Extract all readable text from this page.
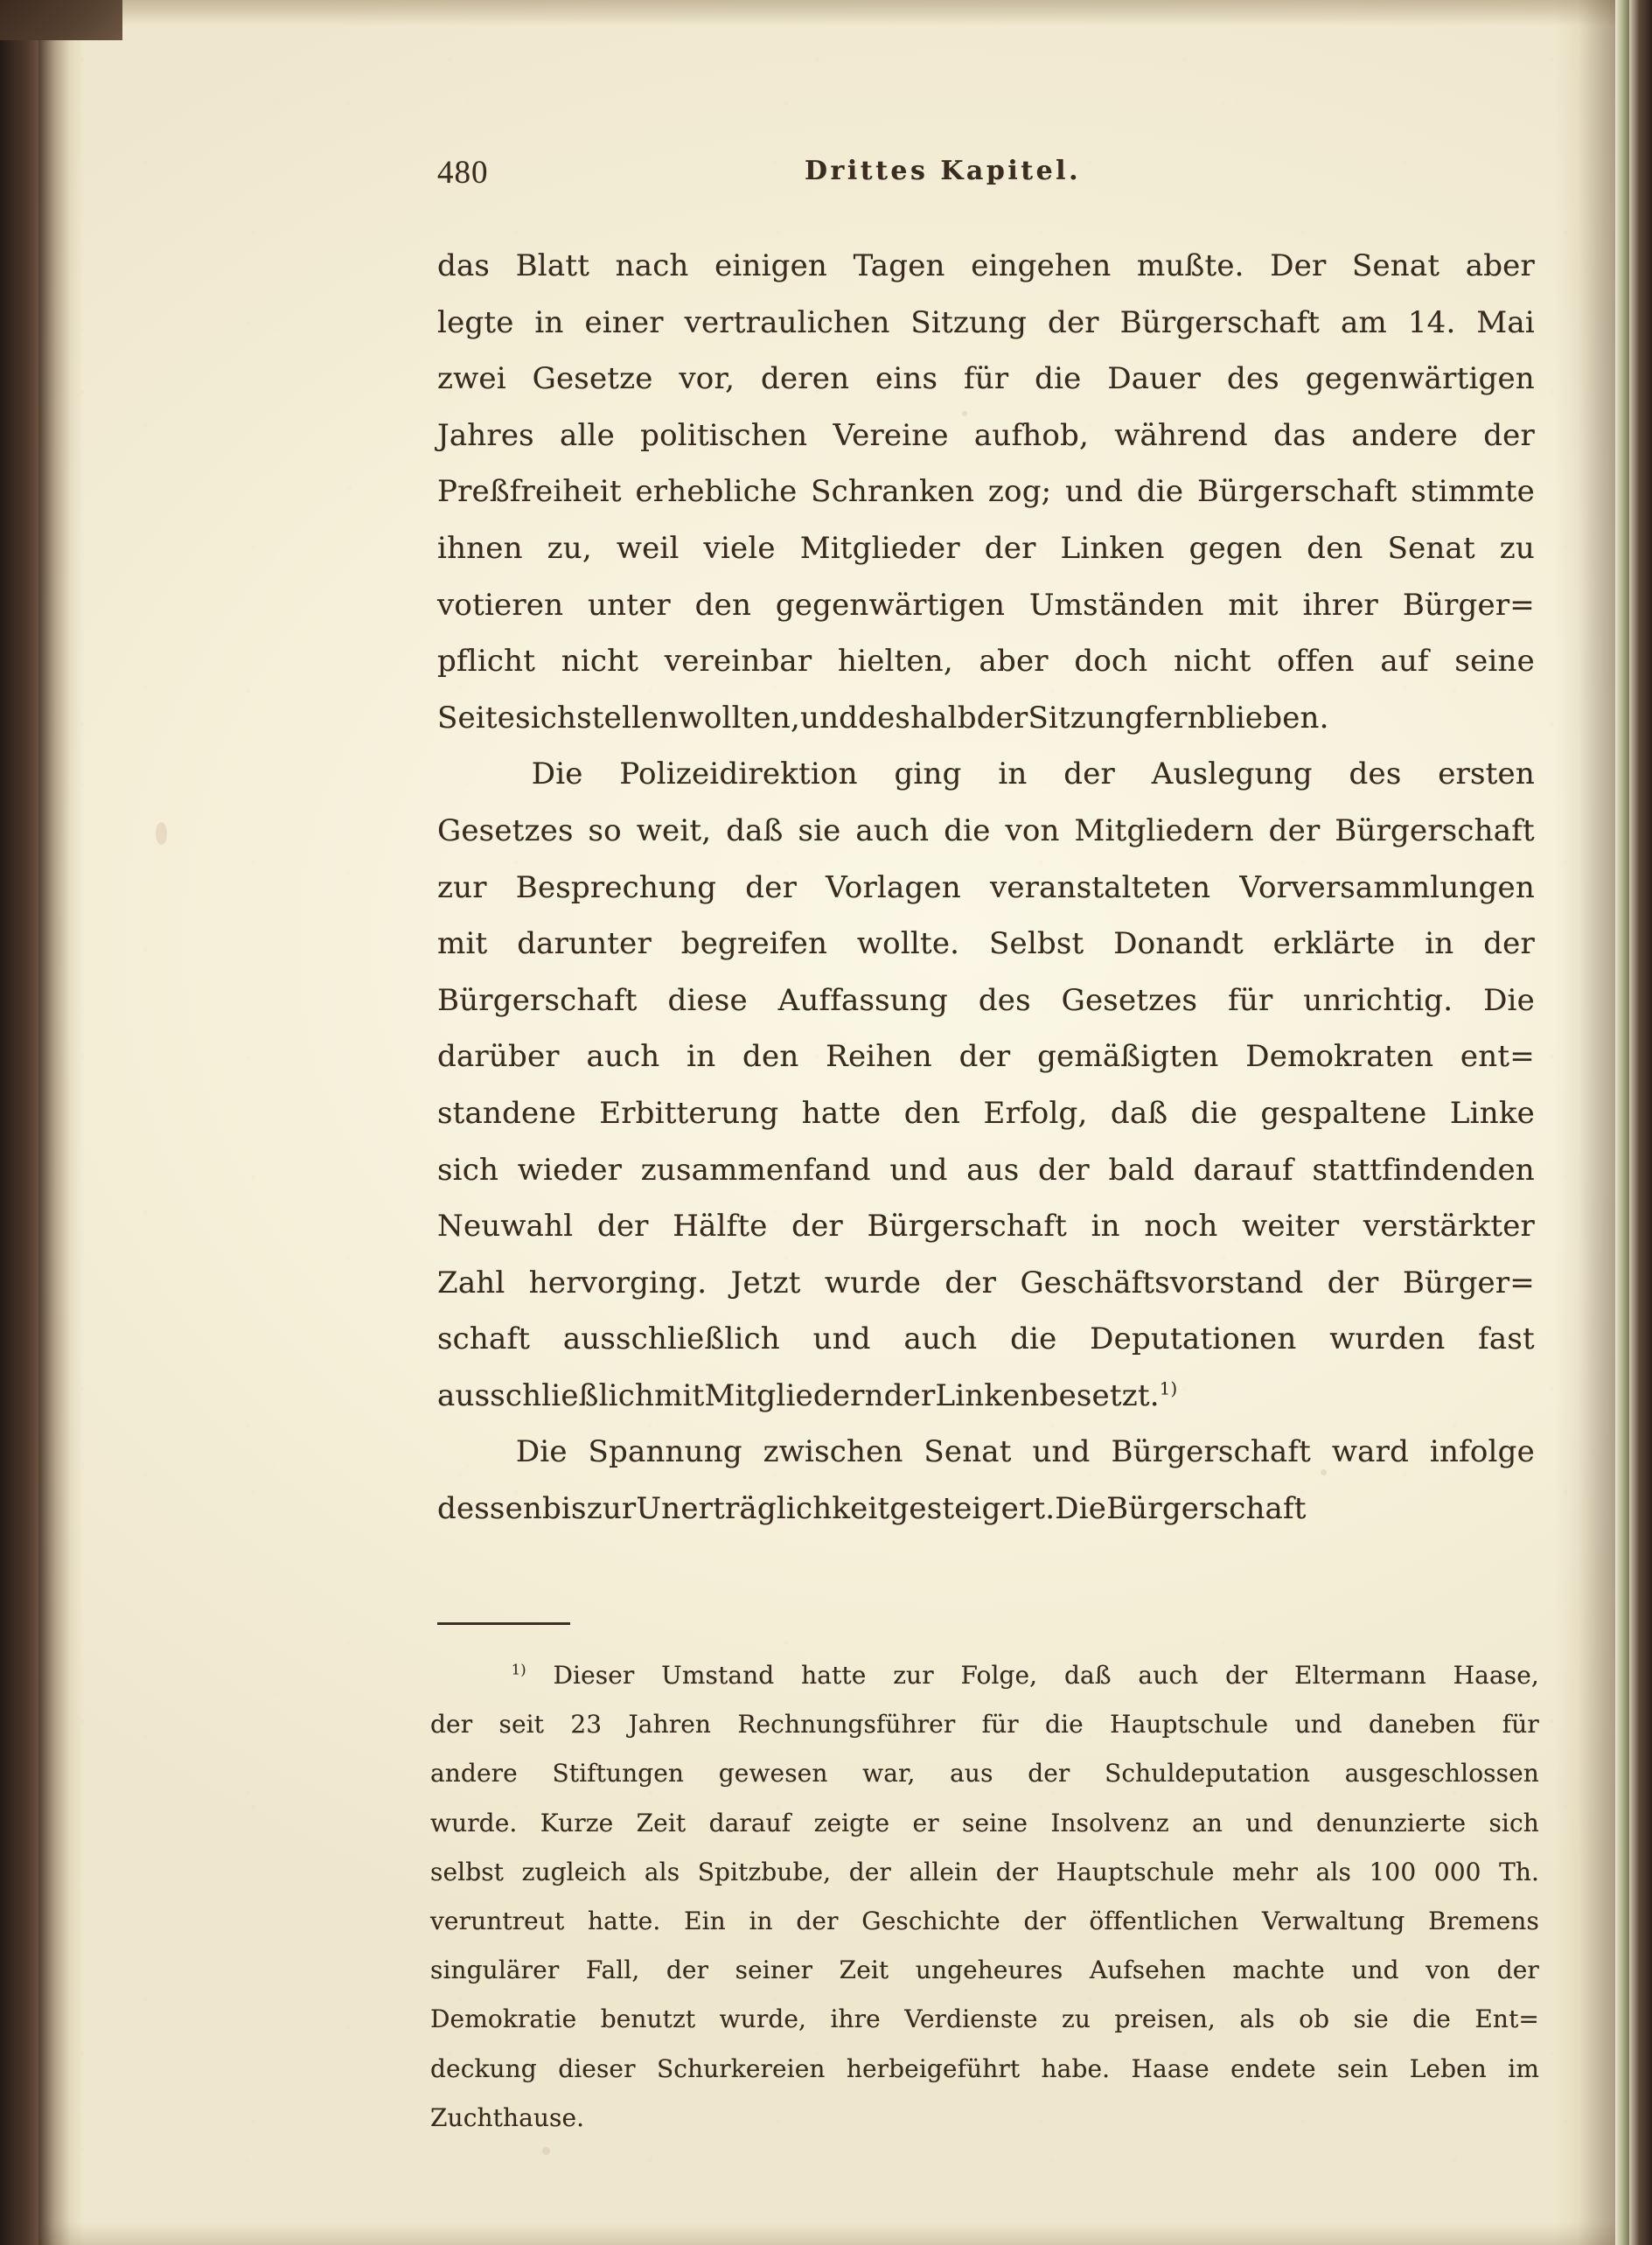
480	Drittes Kapitel.
das Blatt nach einigen Tagen eingehen mußte. Der Senat aber
legte in einer vertraulichen Sitzung der Bürgerschaft am 14. Mai
zwei Gesetze vor, deren eins für die Dauer des gegenwärtigen
Jahres alle politischen Vereine aufhob, während das andere der
Preßfreiheit erhebliche Schranken zog; und die Bürgerschaft stimmte
ihnen zu, weil viele Mitglieder der Linken gegen den Senat zu
votieren unter den gegenwärtigen Umständen mit ihrer Bürger=
pflicht nicht vereinbar hielten, aber doch nicht offen auf seine
Seitesichstellenwollten,unddeshalbderSitzungfernblieben.
Die Polizeidirektion ging in der Auslegung des ersten
Gesetzes so weit, daß sie auch die von Mitgliedern der Bürgerschaft
zur Besprechung der Vorlagen veranstalteten Vorversammlungen
mit darunter begreifen wollte. Selbst Donandt erklärte in der
Bürgerschaft diese Auffassung des Gesetzes für unrichtig. Die
darüber auch in den Reihen der gemäßigten Demokraten ent=
standene Erbitterung hatte den Erfolg, daß die gespaltene Linke
sich wieder zusammenfand und aus der bald darauf stattfindenden
Neuwahl der Hälfte der Bürgerschaft in noch weiter verstärkter
Zahl hervorging. Jetzt wurde der Geschäftsvorstand der Bürger=
schaft ausschließlich und auch die Deputationen wurden fast
ausschließlichmitMitgliedernderLinkenbesetzt.$^{1)}$
Die Spannung zwischen Senat und Bürgerschaft ward infolge
dessenbiszurUnerträglichkeitgesteigert.DieBürgerschaft
$^{1)}$ Dieser Umstand hatte zur Folge, daß auch der Eltermann Haase,
der seit 23 Jahren Rechnungsführer für die Hauptschule und daneben für
andere Stiftungen gewesen war, aus der Schuldeputation ausgeschlossen
wurde. Kurze Zeit darauf zeigte er seine Insolvenz an und denunzierte sich
selbst zugleich als Spitzbube, der allein der Hauptschule mehr als 100 000 Th.
veruntreut hatte. Ein in der Geschichte der öffentlichen Verwaltung Bremens
singulärer Fall, der seiner Zeit ungeheures Aufsehen machte und von der
Demokratie benutzt wurde, ihre Verdienste zu preisen, als ob sie die Ent=
deckung dieser Schurkereien herbeigeführt habe. Haase endete sein Leben im
Zuchthause.
